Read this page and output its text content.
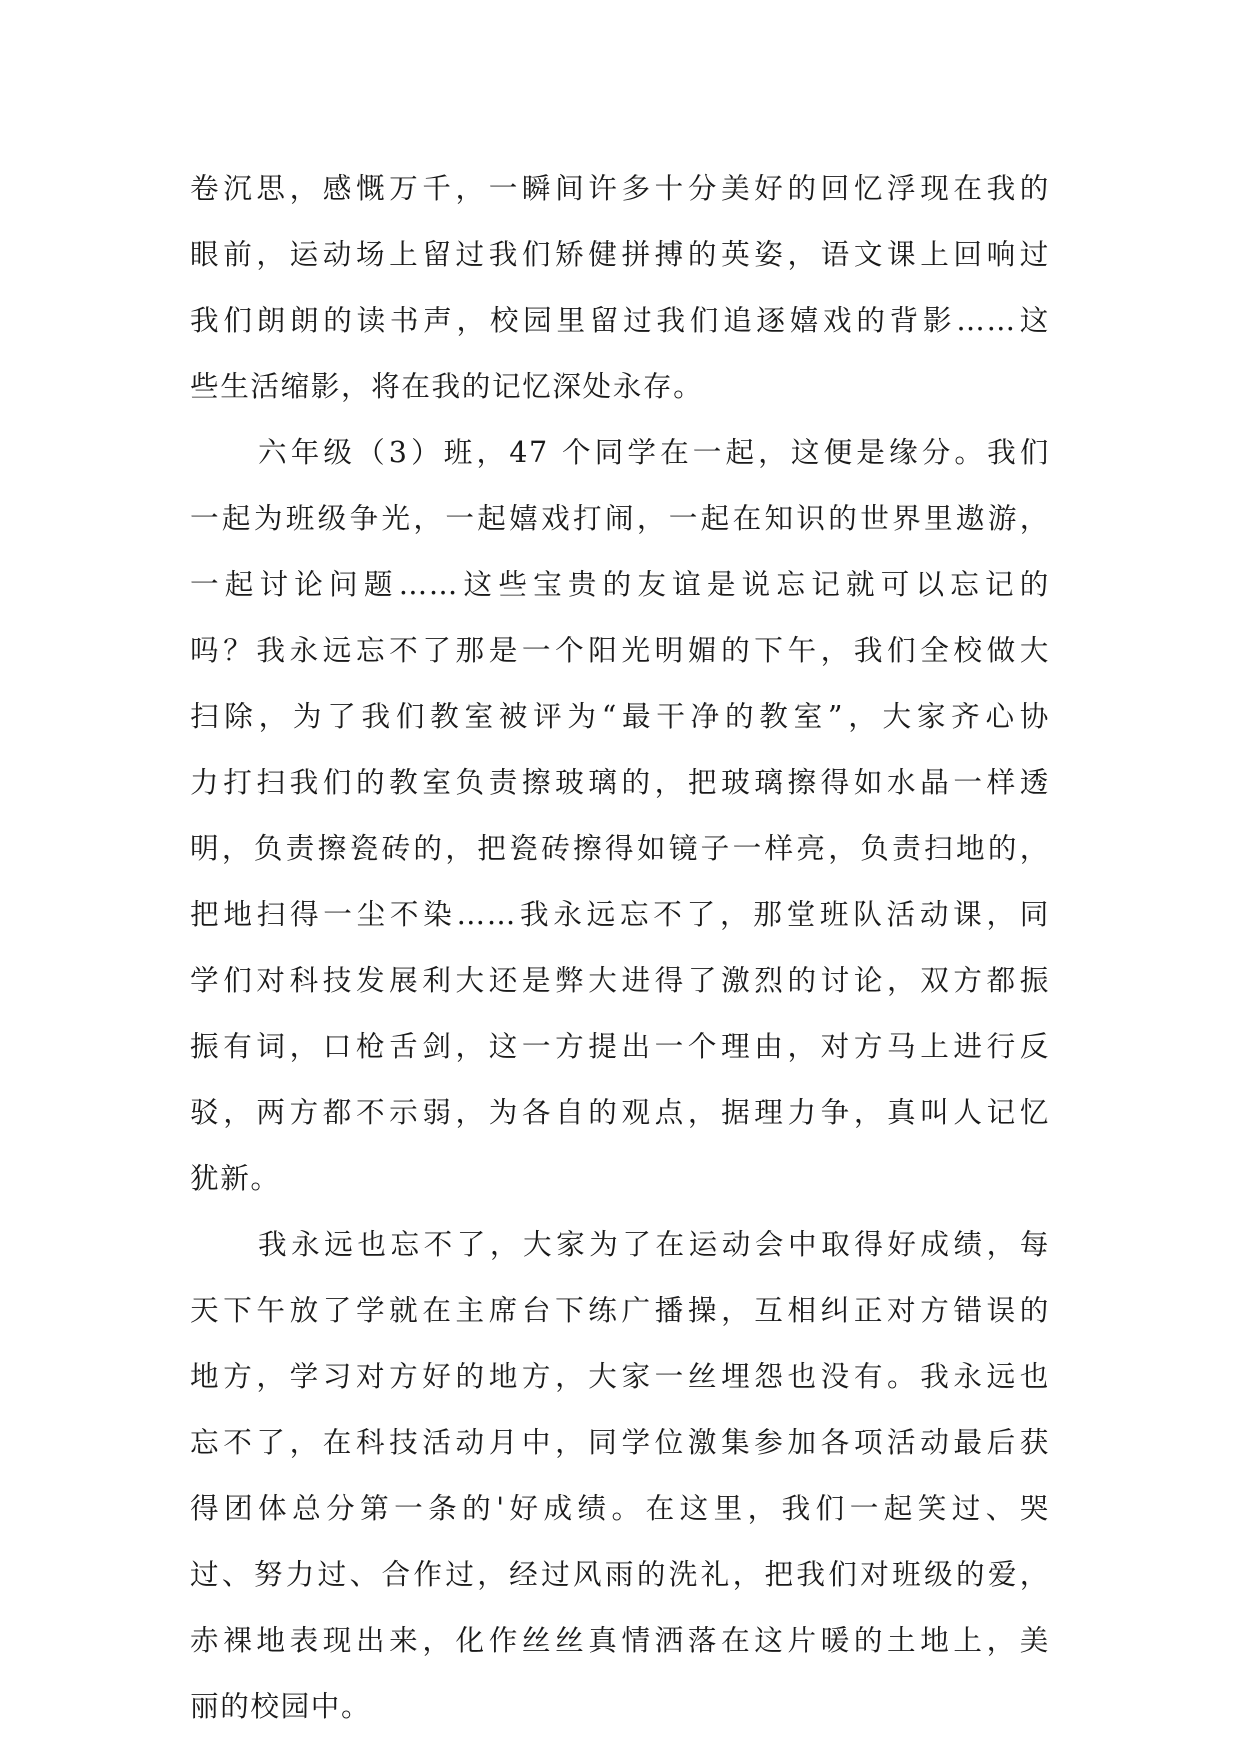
卷沉思，感慨万千，一瞬间许多十分美好的回忆浮现在我的
眼前，运动场上留过我们矫健拼搏的英姿，语文课上回响过
我们朗朗的读书声，校园里留过我们追逐嬉戏的背影……这
些生活缩影，将在我的记忆深处永存。
六年级（3）班，47 个同学在一起，这便是缘分。我们
一起为班级争光，一起嬉戏打闹，一起在知识的世界里遨游，
一起讨论问题……这些宝贵的友谊是说忘记就可以忘记的
吗？我永远忘不了那是一个阳光明媚的下午，我们全校做大
扫除，为了我们教室被评为“最干净的教室”，大家齐心协
力打扫我们的教室负责擦玻璃的，把玻璃擦得如水晶一样透
明，负责擦瓷砖的，把瓷砖擦得如镜子一样亮，负责扫地的，
把地扫得一尘不染……我永远忘不了，那堂班队活动课，同
学们对科技发展利大还是弊大进得了激烈的讨论，双方都振
振有词，口枪舌剑，这一方提出一个理由，对方马上进行反
驳，两方都不示弱，为各自的观点，据理力争，真叫人记忆
犹新。
我永远也忘不了，大家为了在运动会中取得好成绩，每
天下午放了学就在主席台下练广播操，互相纠正对方错误的
地方，学习对方好的地方，大家一丝埋怨也没有。我永远也
忘不了，在科技活动月中，同学位激集参加各项活动最后获
得团体总分第一条的'好成绩。在这里，我们一起笑过、哭
过、努力过、合作过，经过风雨的洗礼，把我们对班级的爱，
赤裸地表现出来，化作丝丝真情洒落在这片暖的土地上，美
丽的校园中。
